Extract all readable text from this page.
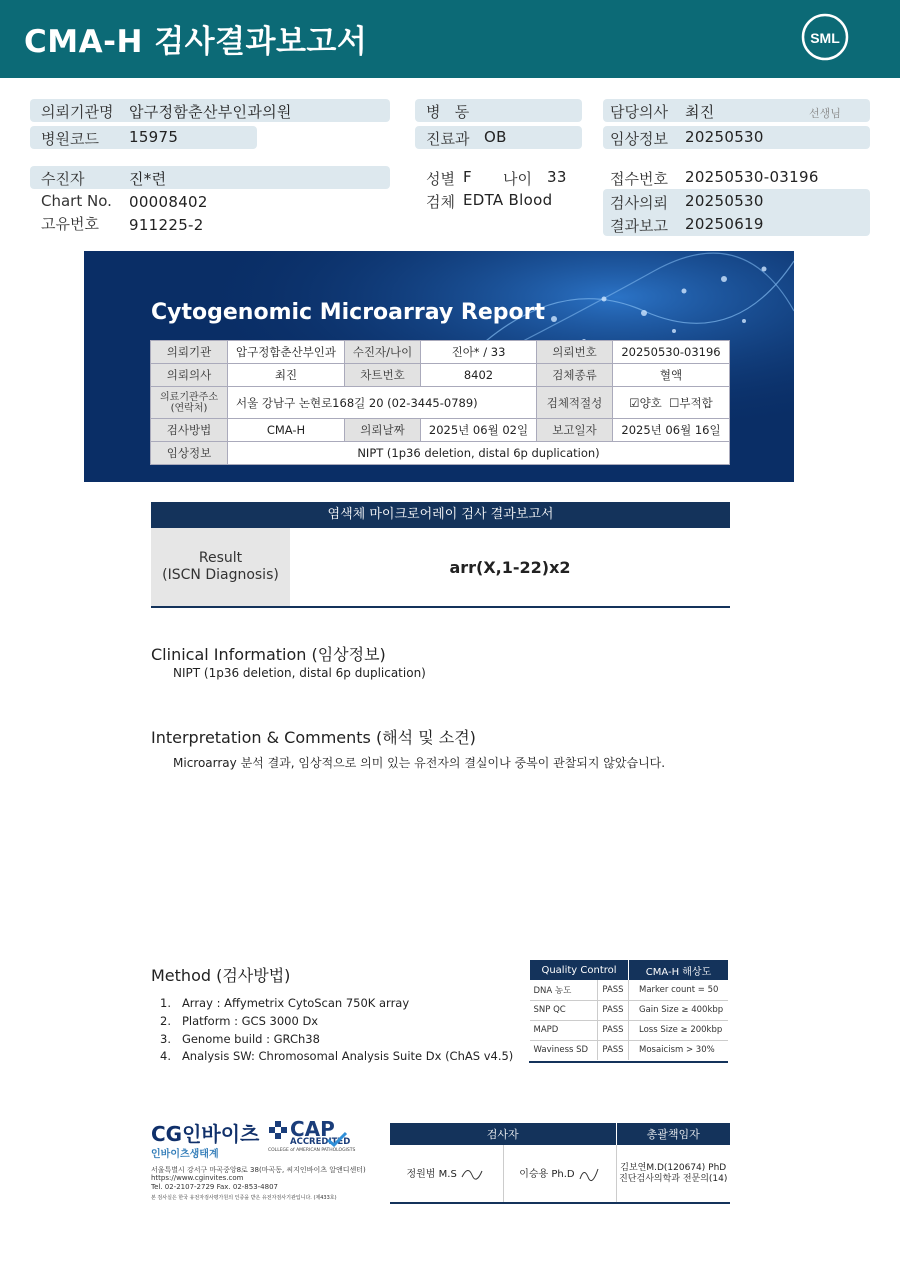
CMA-H 검사결과보고서	SML
의뢰기관명 압구정함춘산부인과의원
병원코드 15975
수진자	진*련
Chart No. 00008402
고유번호 911225-2
병   동
진료과 OB
성별 F 나이 33
검체 EDTA Blood
담당의사 최진	선생님
임상정보 20250530
접수번호 20250530-03196
검사의뢰 20250530
결과보고 20250619
Cytogenomic Microarray Report
의뢰기관	압구정함춘산부인과	수진자/나이	진아* / 33	의뢰번호	20250530-03196
의뢰의사	최진	차트번호	8402	검체종류	혈액

의료기관주소
(연락처)	서울 강남구 논현로168길 20 (02-3445-0789)			검체적절성	☑양호 ☐부적합
검사방법	CMA-H	의뢰날짜	2025년 06월 02일	보고일자	2025년 06월 16일
임상정보	NIPT (1p36 deletion, distal 6p duplication)				
염색체 마이크로어레이 검사 결과보고서
Result
(ISCN Diagnosis)	arr(X,1-22)x2
Clinical Information (임상정보)
NIPT (1p36 deletion, distal 6p duplication)
Interpretation & Comments (해석 및 소견)
Microarray 분석 결과, 임상적으로 의미 있는 유전자의 결실이나 중복이 관찰되지 않았습니다.
Method (검사방법)
1.   Array : Affymetrix CytoScan 750K array
2.   Platform : GCS 3000 Dx
3.   Genome build : GRCh38
4.   Analysis SW: Chromosomal Analysis Suite Dx (ChAS v4.5)
Quality Control		CMA-H 해상도
DNA 농도	PASS	Marker count = 50
SNP QC	PASS	Gain Size ≥ 400kbp
MAPD	PASS	Loss Size ≥ 200kbp
Waviness SD	PASS	Mosaicism > 30%
CG인바이츠
인바이츠생태계
CAP
ACCREDITED
COLLEGE of AMERICAN PATHOLOGISTS
서울특별시 강서구 마곡중앙8로 38(마곡동, 씨지인바이츠 알앤디센터)
https://www.cginvites.com
Tel. 02-2107-2729 Fax. 02-853-4807
본 검사실은 한국 유전자검사평가원의 인증을 받은 유전자검사기관입니다. (제433호)
검사자		총괄책임자
정원범 M.S	이승용 Ph.D	김보연M.D(120674) PhD
진단검사의학과 전문의(14)
